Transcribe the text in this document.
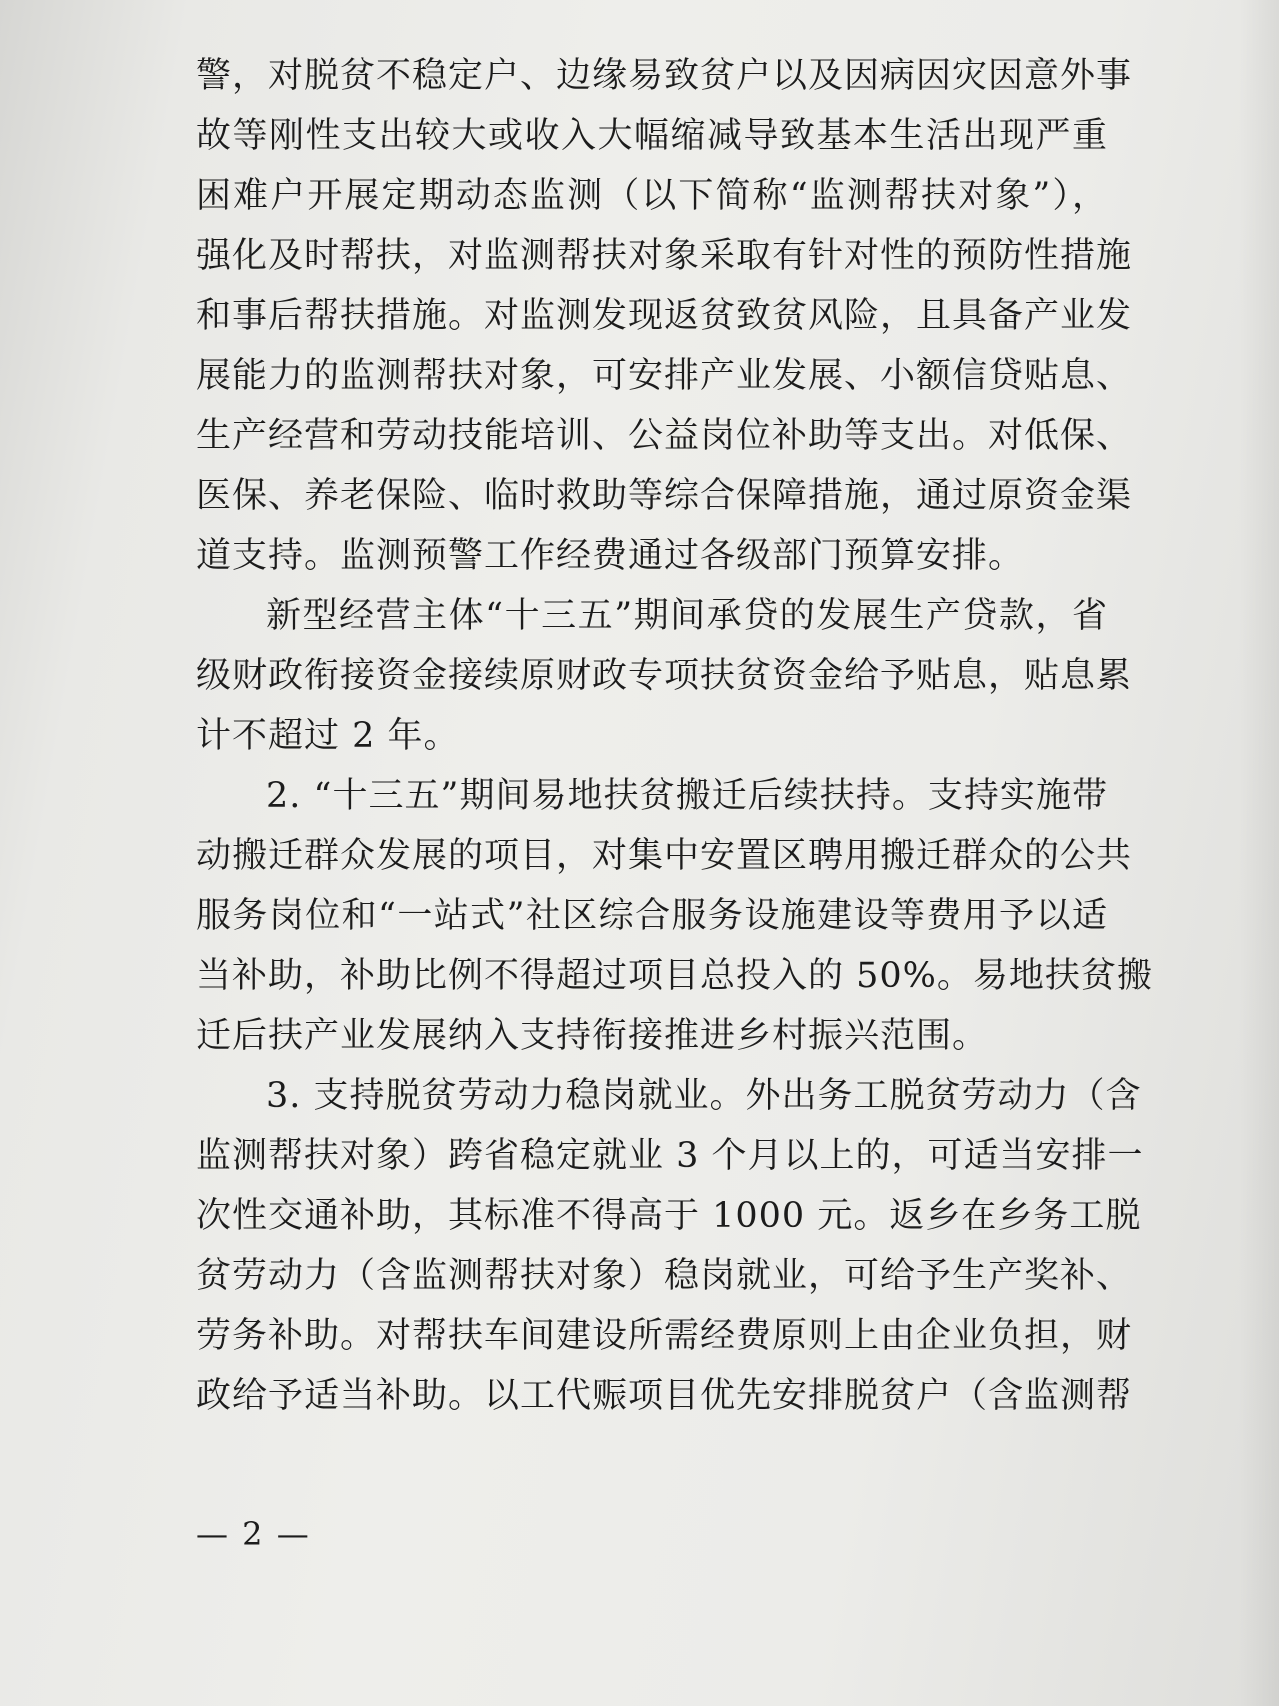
警，对脱贫不稳定户、边缘易致贫户以及因病因灾因意外事
故等刚性支出较大或收入大幅缩减导致基本生活出现严重
困难户开展定期动态监测（以下简称“监测帮扶对象”），
强化及时帮扶，对监测帮扶对象采取有针对性的预防性措施
和事后帮扶措施。对监测发现返贫致贫风险，且具备产业发
展能力的监测帮扶对象，可安排产业发展、小额信贷贴息、
生产经营和劳动技能培训、公益岗位补助等支出。对低保、
医保、养老保险、临时救助等综合保障措施，通过原资金渠
道支持。监测预警工作经费通过各级部门预算安排。
新型经营主体“十三五”期间承贷的发展生产贷款，省
级财政衔接资金接续原财政专项扶贫资金给予贴息，贴息累
计不超过 2 年。
2. “十三五”期间易地扶贫搬迁后续扶持。支持实施带
动搬迁群众发展的项目，对集中安置区聘用搬迁群众的公共
服务岗位和“一站式”社区综合服务设施建设等费用予以适
当补助，补助比例不得超过项目总投入的 50%。易地扶贫搬
迁后扶产业发展纳入支持衔接推进乡村振兴范围。
3. 支持脱贫劳动力稳岗就业。外出务工脱贫劳动力（含
监测帮扶对象）跨省稳定就业 3 个月以上的，可适当安排一
次性交通补助，其标准不得高于 1000 元。返乡在乡务工脱
贫劳动力（含监测帮扶对象）稳岗就业，可给予生产奖补、
劳务补助。对帮扶车间建设所需经费原则上由企业负担，财
政给予适当补助。以工代赈项目优先安排脱贫户（含监测帮
— 2 —
